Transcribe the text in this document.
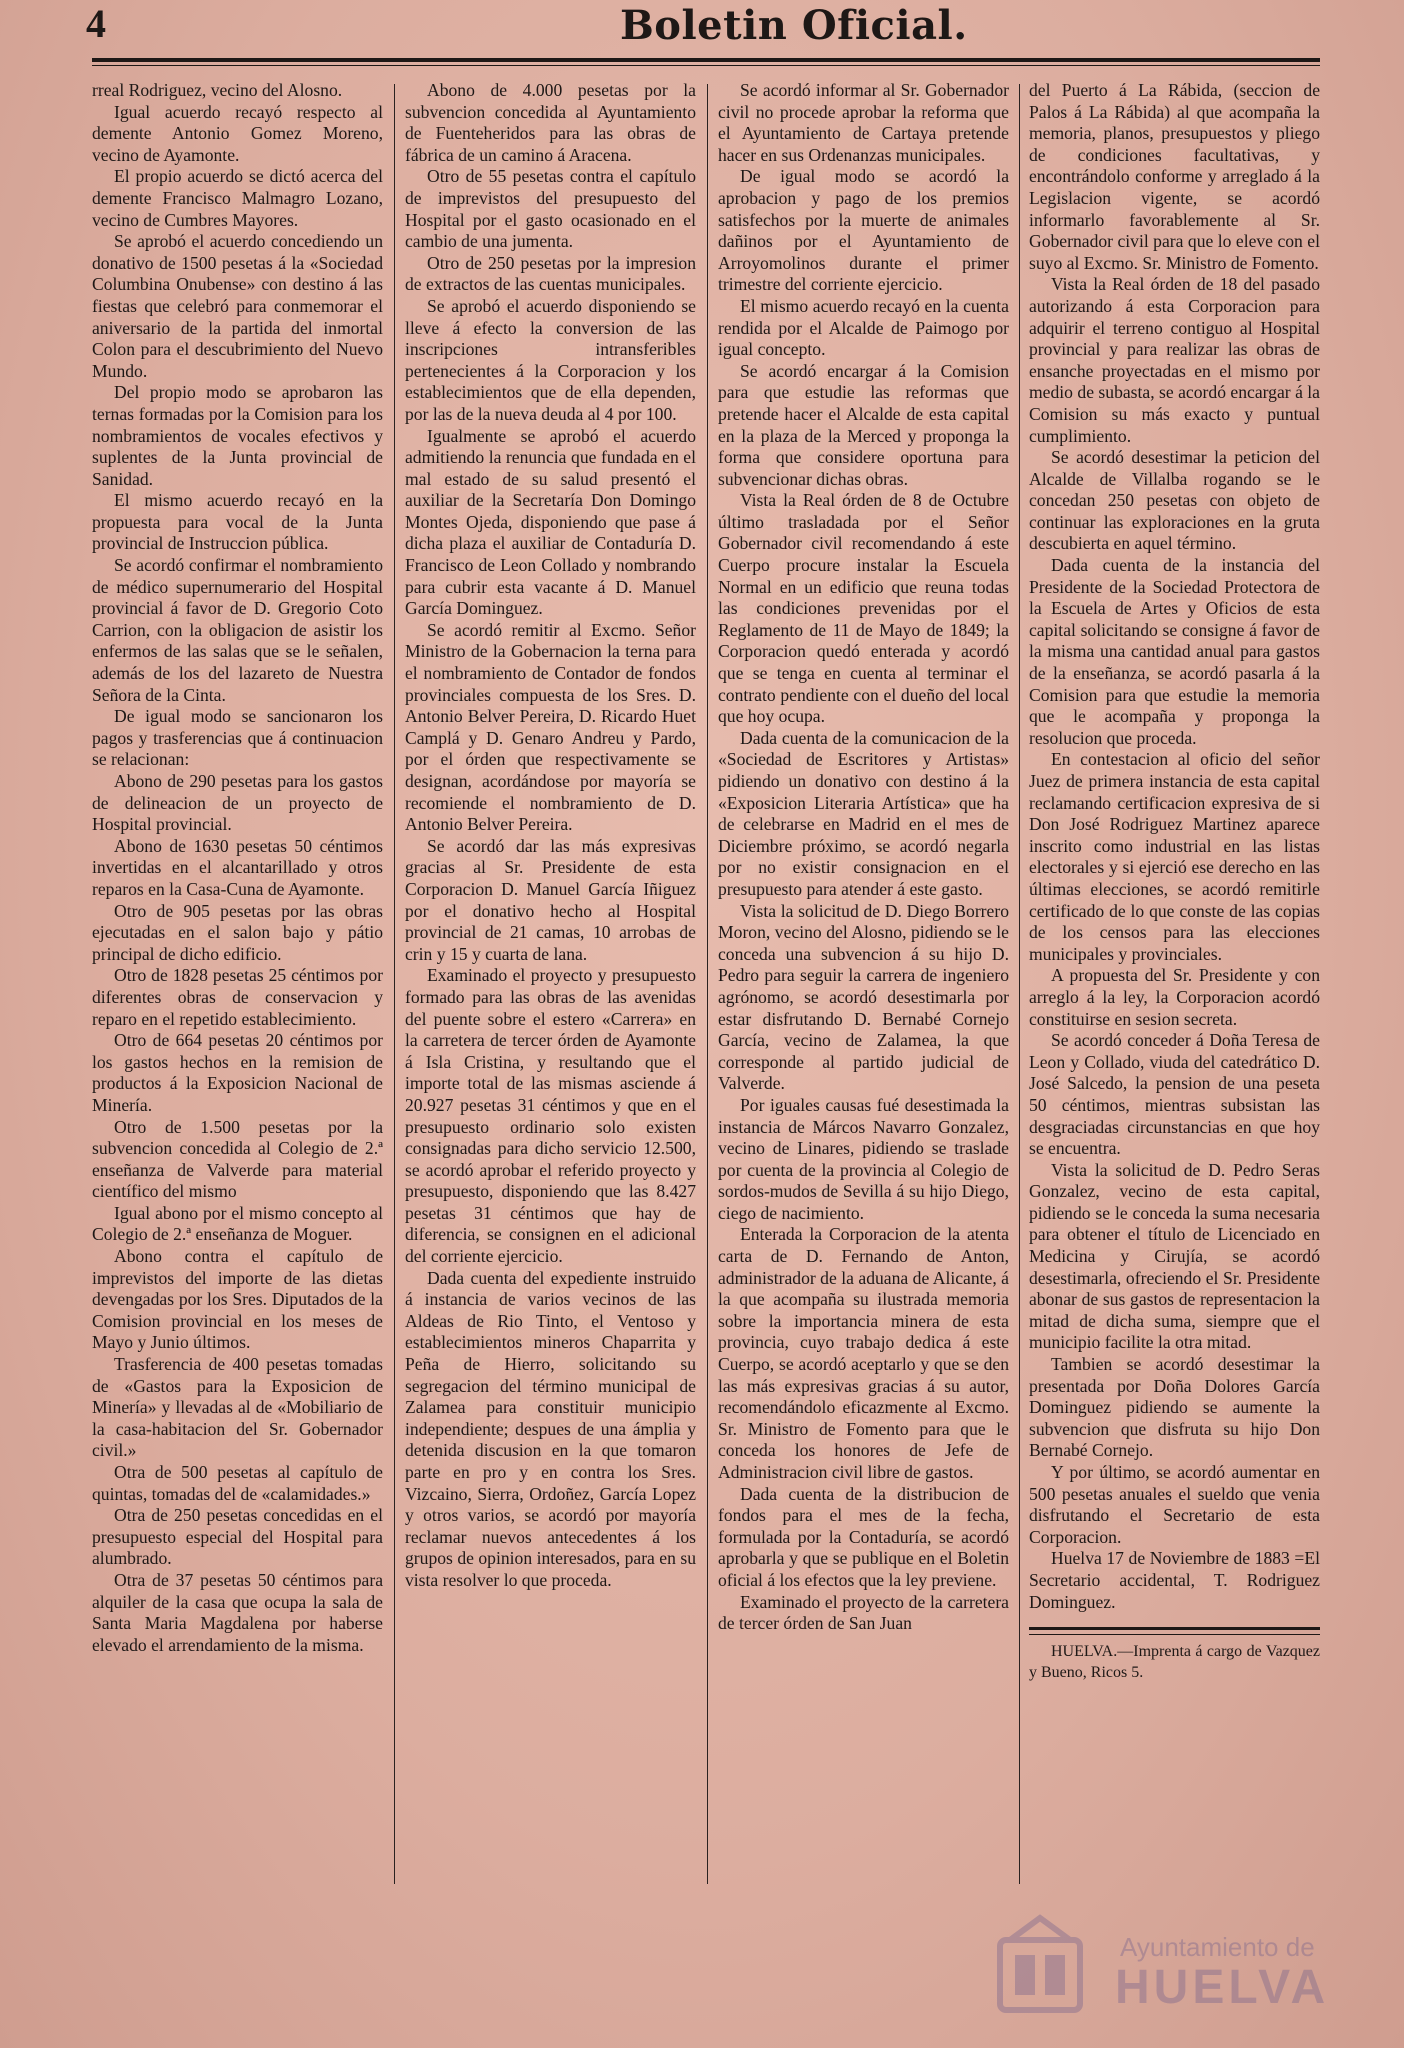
4	Boletin Oficial.

rreal Rodriguez, vecino del Alosno.

Igual acuerdo recayó respecto al demente Antonio Gomez Moreno, vecino de Ayamonte.

El propio acuerdo se dictó acerca del demente Francisco Malmagro Lozano, vecino de Cumbres Mayores.

Se aprobó el acuerdo concediendo un donativo de 1500 pesetas á la «Sociedad Columbina Onubense» con destino á las fiestas que celebró para conmemorar el aniversario de la partida del inmortal Colon para el descubrimiento del Nuevo Mundo.

Del propio modo se aprobaron las ternas formadas por la Comision para los nombramientos de vocales efectivos y suplentes de la Junta provincial de Sanidad.

El mismo acuerdo recayó en la propuesta para vocal de la Junta provincial de Instruccion pública.

Se acordó confirmar el nombramiento de médico supernumerario del Hospital provincial á favor de D. Gregorio Coto Carrion, con la obligacion de asistir los enfermos de las salas que se le señalen, además de los del lazareto de Nuestra Señora de la Cinta.

De igual modo se sancionaron los pagos y trasferencias que á continuacion se relacionan:

Abono de 290 pesetas para los gastos de delineacion de un proyecto de Hospital provincial.

Abono de 1630 pesetas 50 céntimos invertidas en el alcantarillado y otros reparos en la Casa-Cuna de Ayamonte.

Otro de 905 pesetas por las obras ejecutadas en el salon bajo y pátio principal de dicho edificio.

Otro de 1828 pesetas 25 céntimos por diferentes obras de conservacion y reparo en el repetido establecimiento.

Otro de 664 pesetas 20 céntimos por los gastos hechos en la remision de productos á la Exposicion Nacional de Minería.

Otro de 1.500 pesetas por la subvencion concedida al Colegio de 2.ª enseñanza de Valverde para material científico del mismo

Igual abono por el mismo concepto al Colegio de 2.ª enseñanza de Moguer.

Abono contra el capítulo de imprevistos del importe de las dietas devengadas por los Sres. Diputados de la Comision provincial en los meses de Mayo y Junio últimos.

Trasferencia de 400 pesetas tomadas de «Gastos para la Exposicion de Minería» y llevadas al de «Mobiliario de la casa-habitacion del Sr. Gobernador civil.»

Otra de 500 pesetas al capítulo de quintas, tomadas del de «calamidades.»

Otra de 250 pesetas concedidas en el presupuesto especial del Hospital para alumbrado.

Otra de 37 pesetas 50 céntimos para alquiler de la casa que ocupa la sala de Santa Maria Magdalena por haberse elevado el arrendamiento de la misma.

Abono de 4.000 pesetas por la subvencion concedida al Ayuntamiento de Fuenteheridos para las obras de fábrica de un camino á Aracena.

Otro de 55 pesetas contra el capítulo de imprevistos del presupuesto del Hospital por el gasto ocasionado en el cambio de una jumenta.

Otro de 250 pesetas por la impresion de extractos de las cuentas municipales.

Se aprobó el acuerdo disponiendo se lleve á efecto la conversion de las inscripciones intransferibles pertenecientes á la Corporacion y los establecimientos que de ella dependen, por las de la nueva deuda al 4 por 100.

Igualmente se aprobó el acuerdo admitiendo la renuncia que fundada en el mal estado de su salud presentó el auxiliar de la Secretaría Don Domingo Montes Ojeda, disponiendo que pase á dicha plaza el auxiliar de Contaduría D. Francisco de Leon Collado y nombrando para cubrir esta vacante á D. Manuel García Dominguez.

Se acordó remitir al Excmo. Señor Ministro de la Gobernacion la terna para el nombramiento de Contador de fondos provinciales compuesta de los Sres. D. Antonio Belver Pereira, D. Ricardo Huet Camplá y D. Genaro Andreu y Pardo, por el órden que respectivamente se designan, acordándose por mayoría se recomiende el nombramiento de D. Antonio Belver Pereira.

Se acordó dar las más expresivas gracias al Sr. Presidente de esta Corporacion D. Manuel García Iñiguez por el donativo hecho al Hospital provincial de 21 camas, 10 arrobas de crin y 15 y cuarta de lana.

Examinado el proyecto y presupuesto formado para las obras de las avenidas del puente sobre el estero «Carrera» en la carretera de tercer órden de Ayamonte á Isla Cristina, y resultando que el importe total de las mismas asciende á 20.927 pesetas 31 céntimos y que en el presupuesto ordinario solo existen consignadas para dicho servicio 12.500, se acordó aprobar el referido proyecto y presupuesto, disponiendo que las 8.427 pesetas 31 céntimos que hay de diferencia, se consignen en el adicional del corriente ejercicio.

Dada cuenta del expediente instruido á instancia de varios vecinos de las Aldeas de Rio Tinto, el Ventoso y establecimientos mineros Chaparrita y Peña de Hierro, solicitando su segregacion del término municipal de Zalamea para constituir municipio independiente; despues de una ámplia y detenida discusion en la que tomaron parte en pro y en contra los Sres. Vizcaino, Sierra, Ordoñez, García Lopez y otros varios, se acordó por mayoría reclamar nuevos antecedentes á los grupos de opinion interesados, para en su vista resolver lo que proceda.

Se acordó informar al Sr. Gobernador civil no procede aprobar la reforma que el Ayuntamiento de Cartaya pretende hacer en sus Ordenanzas municipales.

De igual modo se acordó la aprobacion y pago de los premios satisfechos por la muerte de animales dañinos por el Ayuntamiento de Arroyomolinos durante el primer trimestre del corriente ejercicio.

El mismo acuerdo recayó en la cuenta rendida por el Alcalde de Paimogo por igual concepto.

Se acordó encargar á la Comision para que estudie las reformas que pretende hacer el Alcalde de esta capital en la plaza de la Merced y proponga la forma que considere oportuna para subvencionar dichas obras.

Vista la Real órden de 8 de Octubre último trasladada por el Señor Gobernador civil recomendando á este Cuerpo procure instalar la Escuela Normal en un edificio que reuna todas las condiciones prevenidas por el Reglamento de 11 de Mayo de 1849; la Corporacion quedó enterada y acordó que se tenga en cuenta al terminar el contrato pendiente con el dueño del local que hoy ocupa.

Dada cuenta de la comunicacion de la «Sociedad de Escritores y Artistas» pidiendo un donativo con destino á la «Exposicion Literaria Artística» que ha de celebrarse en Madrid en el mes de Diciembre próximo, se acordó negarla por no existir consignacion en el presupuesto para atender á este gasto.

Vista la solicitud de D. Diego Borrero Moron, vecino del Alosno, pidiendo se le conceda una subvencion á su hijo D. Pedro para seguir la carrera de ingeniero agrónomo, se acordó desestimarla por estar disfrutando D. Bernabé Cornejo García, vecino de Zalamea, la que corresponde al partido judicial de Valverde.

Por iguales causas fué desestimada la instancia de Márcos Navarro Gonzalez, vecino de Linares, pidiendo se traslade por cuenta de la provincia al Colegio de sordos-mudos de Sevilla á su hijo Diego, ciego de nacimiento.

Enterada la Corporacion de la atenta carta de D. Fernando de Anton, administrador de la aduana de Alicante, á la que acompaña su ilustrada memoria sobre la importancia minera de esta provincia, cuyo trabajo dedica á este Cuerpo, se acordó aceptarlo y que se den las más expresivas gracias á su autor, recomendándolo eficazmente al Excmo. Sr. Ministro de Fomento para que le conceda los honores de Jefe de Administracion civil libre de gastos.

Dada cuenta de la distribucion de fondos para el mes de la fecha, formulada por la Contaduría, se acordó aprobarla y que se publique en el Boletin oficial á los efectos que la ley previene.

Examinado el proyecto de la carretera de tercer órden de San Juan

del Puerto á La Rábida, (seccion de Palos á La Rábida) al que acompaña la memoria, planos, presupuestos y pliego de condiciones facultativas, y encontrándolo conforme y arreglado á la Legislacion vigente, se acordó informarlo favorablemente al Sr. Gobernador civil para que lo eleve con el suyo al Excmo. Sr. Ministro de Fomento.

Vista la Real órden de 18 del pasado autorizando á esta Corporacion para adquirir el terreno contiguo al Hospital provincial y para realizar las obras de ensanche proyectadas en el mismo por medio de subasta, se acordó encargar á la Comision su más exacto y puntual cumplimiento.

Se acordó desestimar la peticion del Alcalde de Villalba rogando se le concedan 250 pesetas con objeto de continuar las exploraciones en la gruta descubierta en aquel término.

Dada cuenta de la instancia del Presidente de la Sociedad Protectora de la Escuela de Artes y Oficios de esta capital solicitando se consigne á favor de la misma una cantidad anual para gastos de la enseñanza, se acordó pasarla á la Comision para que estudie la memoria que le acompaña y proponga la resolucion que proceda.

En contestacion al oficio del señor Juez de primera instancia de esta capital reclamando certificacion expresiva de si Don José Rodriguez Martinez aparece inscrito como industrial en las listas electorales y si ejerció ese derecho en las últimas elecciones, se acordó remitirle certificado de lo que conste de las copias de los censos para las elecciones municipales y provinciales.

A propuesta del Sr. Presidente y con arreglo á la ley, la Corporacion acordó constituirse en sesion secreta.

Se acordó conceder á Doña Teresa de Leon y Collado, viuda del catedrático D. José Salcedo, la pension de una peseta 50 céntimos, mientras subsistan las desgraciadas circunstancias en que hoy se encuentra.

Vista la solicitud de D. Pedro Seras Gonzalez, vecino de esta capital, pidiendo se le conceda la suma necesaria para obtener el título de Licenciado en Medicina y Cirujía, se acordó desestimarla, ofreciendo el Sr. Presidente abonar de sus gastos de representacion la mitad de dicha suma, siempre que el municipio facilite la otra mitad.

Tambien se acordó desestimar la presentada por Doña Dolores García Dominguez pidiendo se aumente la subvencion que disfruta su hijo Don Bernabé Cornejo.

Y por último, se acordó aumentar en 500 pesetas anuales el sueldo que venia disfrutando el Secretario de esta Corporacion.

Huelva 17 de Noviembre de 1883 =El Secretario accidental, T. Rodriguez Dominguez.

HUELVA.—Imprenta á cargo de Vazquez y Bueno, Ricos 5.

Ayuntamiento de
HUELVA
